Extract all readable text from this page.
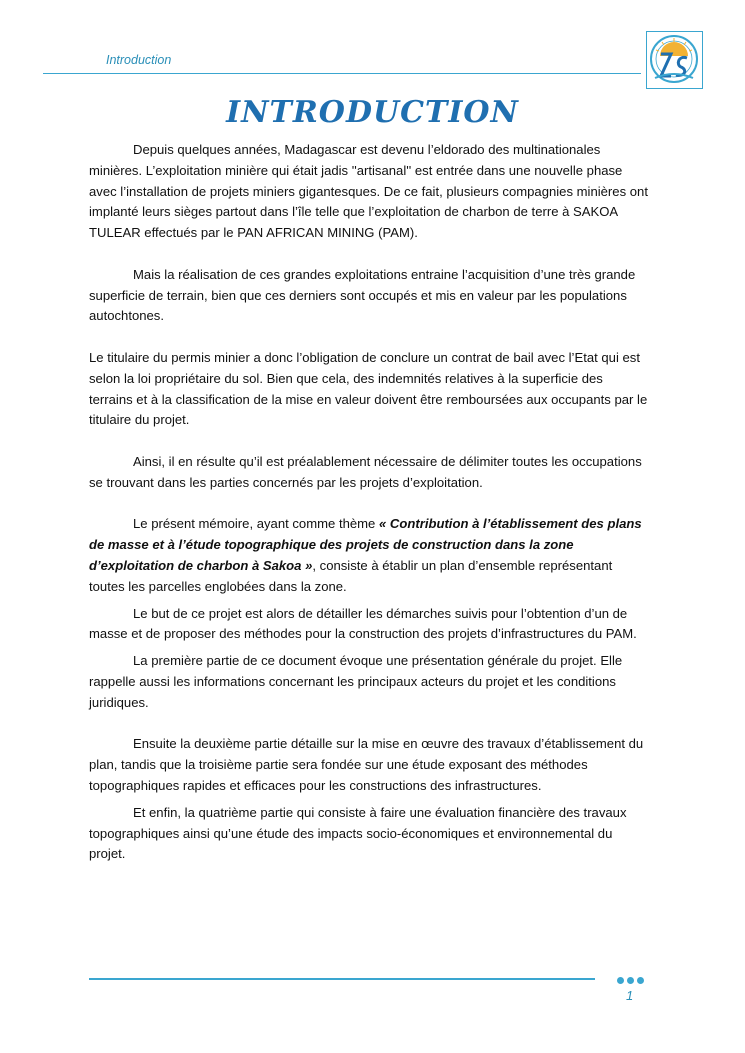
Introduction
INTRODUCTION

Depuis quelques années, Madagascar est devenu l’eldorado des multinationales minières. L’exploitation minière qui était jadis ''artisanal'' est entrée dans une nouvelle phase avec l’installation de projets miniers gigantesques. De ce fait, plusieurs compagnies minières ont implanté leurs sièges partout dans l’île telle que l’exploitation de charbon de terre à SAKOA TULEAR effectués par le PAN AFRICAN MINING (PAM).

Mais la réalisation de ces grandes exploitations entraine l’acquisition d’une très grande superficie de terrain, bien que ces derniers sont occupés et mis en valeur par les populations autochtones.

Le titulaire du permis minier a donc l’obligation de conclure un contrat de bail avec l’Etat qui est selon la loi propriétaire du sol. Bien que cela, des indemnités relatives à la superficie des terrains et à la classification de la mise en valeur doivent être remboursées aux occupants par le titulaire du projet.

Ainsi, il en résulte qu’il est préalablement nécessaire de délimiter toutes les occupations se trouvant dans les parties concernés par les projets d’exploitation.

Le présent mémoire, ayant comme thème « Contribution à l’établissement des plans de masse et à l’étude topographique des projets de construction dans la zone d’exploitation de charbon à Sakoa », consiste à établir un plan d’ensemble représentant toutes les parcelles englobées dans la zone.

Le but de ce projet est alors de détailler les démarches suivis pour l’obtention d’un de masse et de proposer des méthodes pour la construction des projets d’infrastructures du PAM.

La première partie de ce document évoque une présentation générale du projet. Elle rappelle aussi les informations concernant les principaux acteurs du projet et les conditions juridiques.

Ensuite la deuxième partie détaille sur la mise en œuvre des travaux d’établissement du plan, tandis que la troisième partie sera fondée sur une étude exposant des méthodes topographiques rapides et efficaces pour les constructions des infrastructures.

Et enfin, la quatrième partie qui consiste à faire une évaluation financière des travaux topographiques ainsi qu’une étude des impacts socio-économiques et environnemental du projet.

1
